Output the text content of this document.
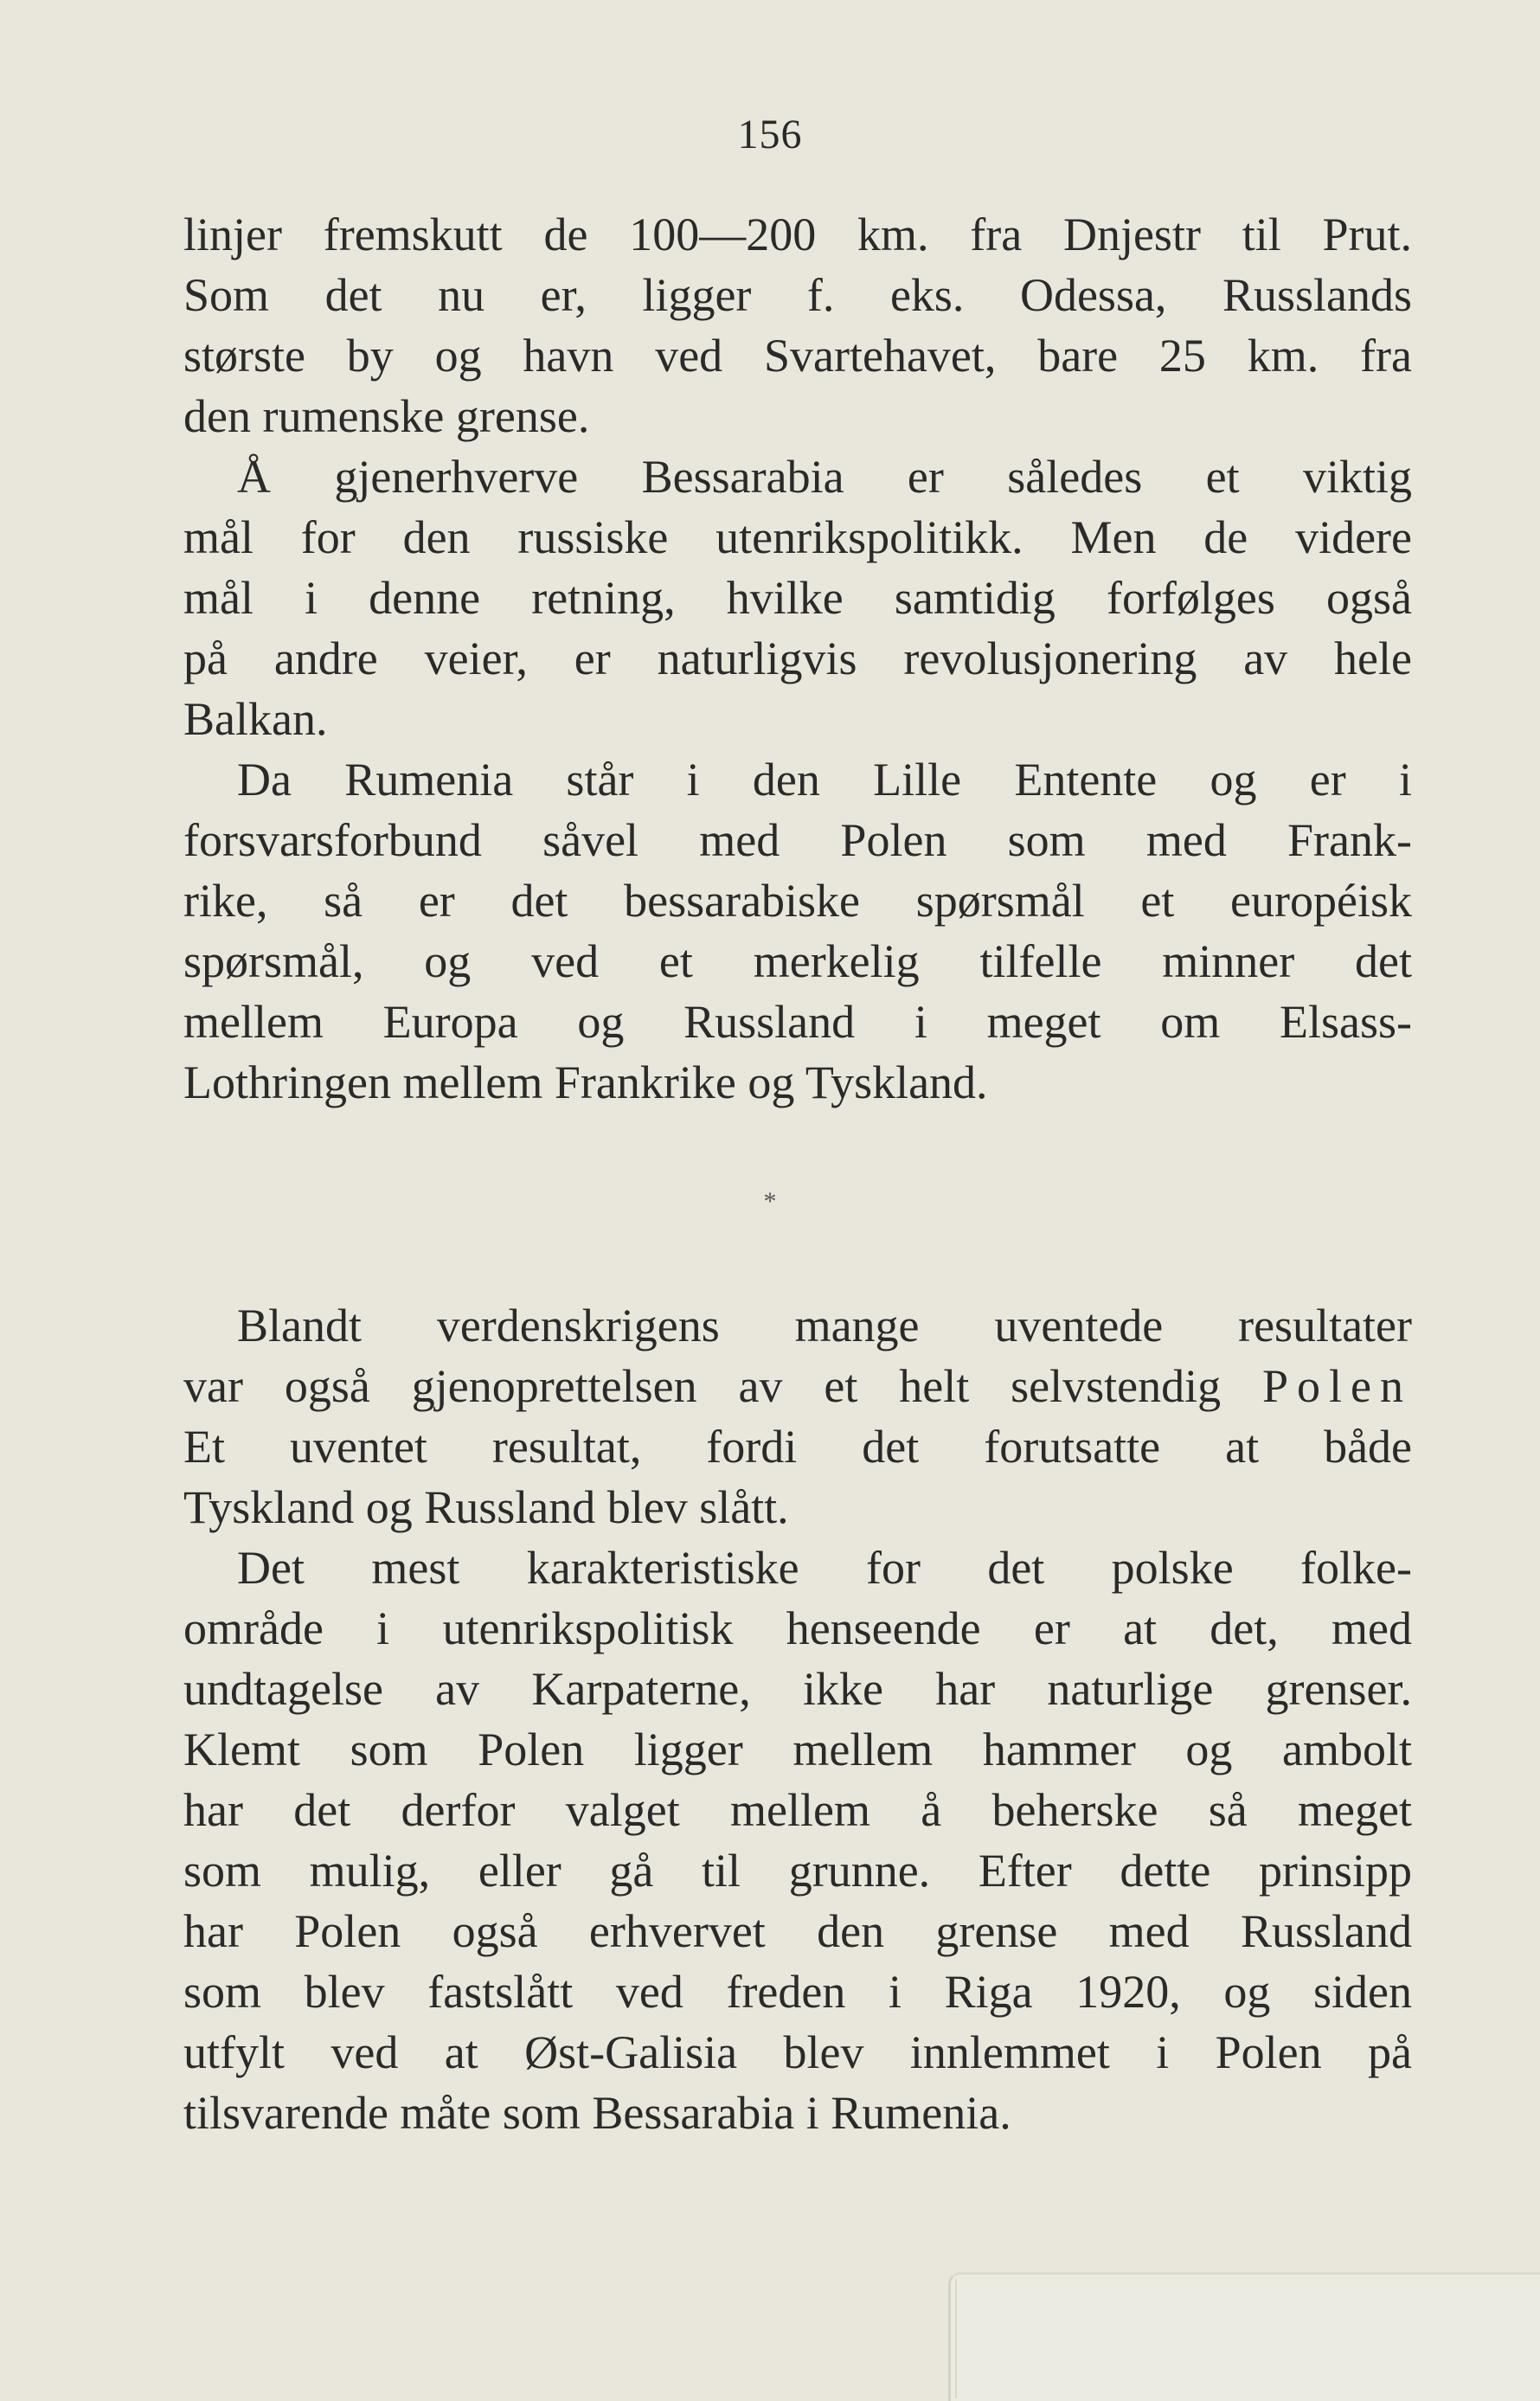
156
linjer fremskutt de 100—200 km. fra Dnjestr til Prut.
Som det nu er, ligger f. eks. Odessa, Russlands
største by og havn ved Svartehavet, bare 25 km. fra
den rumenske grense.
Å gjenerhverve Bessarabia er således et viktig
mål for den russiske utenrikspolitikk. Men de videre
mål i denne retning, hvilke samtidig forfølges også
på andre veier, er naturligvis revolusjonering av hele
Balkan.
Da Rumenia står i den Lille Entente og er i
forsvarsforbund såvel med Polen som med Frank-
rike, så er det bessarabiske spørsmål et européisk
spørsmål, og ved et merkelig tilfelle minner det
mellem Europa og Russland i meget om Elsass-
Lothringen mellem Frankrike og Tyskland.
*
Blandt verdenskrigens mange uventede resultater
var også gjenoprettelsen av et helt selvstendig Polen
Et uventet resultat, fordi det forutsatte at både
Tyskland og Russland blev slått.
Det mest karakteristiske for det polske folke-
område i utenrikspolitisk henseende er at det, med
undtagelse av Karpaterne, ikke har naturlige grenser.
Klemt som Polen ligger mellem hammer og ambolt
har det derfor valget mellem å beherske så meget
som mulig, eller gå til grunne. Efter dette prinsipp
har Polen også erhvervet den grense med Russland
som blev fastslått ved freden i Riga 1920, og siden
utfylt ved at Øst-Galisia blev innlemmet i Polen på
tilsvarende måte som Bessarabia i Rumenia.
